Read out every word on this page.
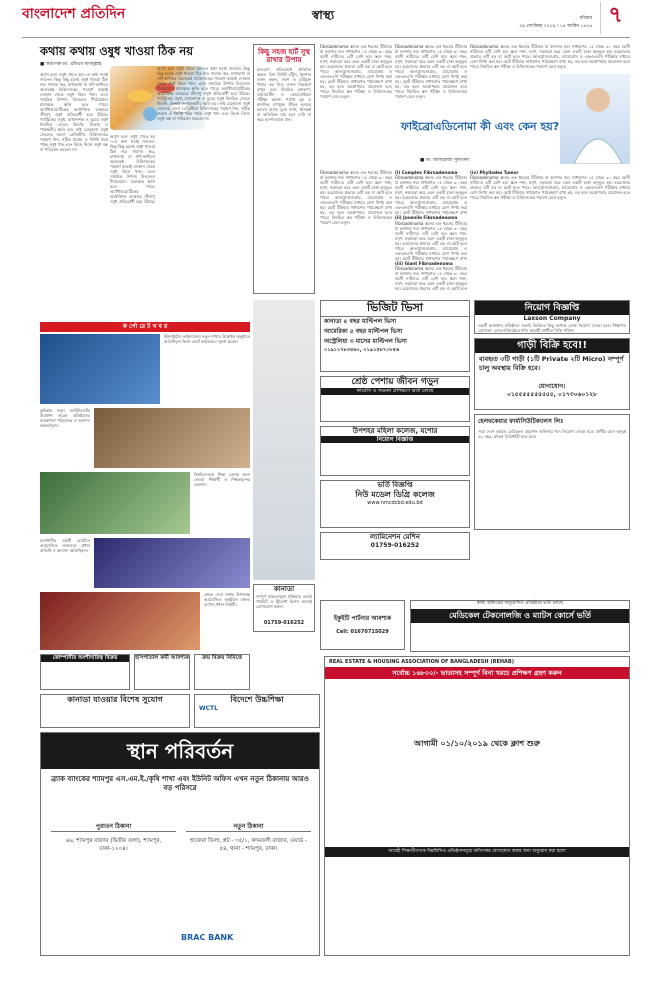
বাংলাদেশ প্রতিদিন	স্বাস্থ্য	রবিবার
২৯ সেপ্টেম্বর ২০১৯ । ১৪ আশ্বিন ১৪২৬ ৭
কথায় কথায় ওষুধ খাওয়া ঠিক নয়
■ অধ্যাপক ডা. এবিএম আবদুল্লাহ
অসুখ হলে ওষুধ খেতে হয়—এ কথা সবাই জানেন। কিন্তু কিছু হলেই ওষুধ খাওয়া ঠিক নয়। সামান্য জ্বর, মাথাব্যথা বা সর্দি-কাশিতে অনেকেই চিকিৎসকের পরামর্শ ছাড়াই দোকান থেকে ওষুধ কিনে খান। এতে সাময়িক উপশম মিললেও দীর্ঘমেয়াদে মারাত্মক ক্ষতি হতে পারে। অ্যান্টিবায়োটিকের অযৌক্তিক ব্যবহারে জীবাণু ওষুধ প্রতিরোধী হয়ে উঠছে। গ্যাস্ট্রিকের ওষুধ, ব্যথানাশক ও ঘুমের ওষুধ নিয়মিত সেবনে কিডনি, লিভার ও পাকস্থলীর ক্ষতি হয়। তাই যেকোনো ওষুধ সেবনের আগে রেজিস্টার্ড চিকিৎসকের পরামর্শ নিন, সঠিক মাত্রায় ও নির্দিষ্ট সময় পর্যন্ত ওষুধ খান এবং নিজে নিজে ওষুধ বন্ধ বা পরিবর্তন করবেন না।
অসুখ হলে ওষুধ খেতে হয়—এ কথা সবাই জানেন। কিন্তু কিছু হলেই ওষুধ খাওয়া ঠিক নয়। সামান্য জ্বর, মাথাব্যথা বা সর্দি-কাশিতে অনেকেই চিকিৎসকের পরামর্শ ছাড়াই দোকান থেকে ওষুধ কিনে খান। এতে সাময়িক উপশম মিললেও দীর্ঘমেয়াদে মারাত্মক ক্ষতি হতে পারে। অ্যান্টিবায়োটিকের অযৌক্তিক ব্যবহারে জীবাণু ওষুধ প্রতিরোধী হয়ে উঠছে।
অসুখ হলে ওষুধ খেতে হয়—এ কথা সবাই জানেন। কিন্তু কিছু হলেই ওষুধ খাওয়া ঠিক নয়। সামান্য জ্বর, মাথাব্যথা বা সর্দি-কাশিতে অনেকেই চিকিৎসকের পরামর্শ ছাড়াই দোকান থেকে ওষুধ কিনে খান। এতে সাময়িক উপশম মিললেও দীর্ঘমেয়াদে মারাত্মক ক্ষতি হতে পারে। অ্যান্টিবায়োটিকের অযৌক্তিক ব্যবহারে জীবাণু ওষুধ প্রতিরোধী হয়ে উঠছে। গ্যাস্ট্রিকের ওষুধ, ব্যথানাশক ও ঘুমের ওষুধ নিয়মিত সেবনে কিডনি, লিভার ও পাকস্থলীর ক্ষতি হয়। তাই যেকোনো ওষুধ সেবনের আগে রেজিস্টার্ড চিকিৎসকের পরামর্শ নিন, সঠিক মাত্রায় ও নির্দিষ্ট সময় পর্যন্ত ওষুধ খান এবং নিজে নিজে ওষুধ বন্ধ বা পরিবর্তন করবেন না।
কিছু সহজ হার্ট সুস্থ রাখার উপায়
হৃদরোগ প্রতিরোধে প্রতিদিন অন্তত ত্রিশ মিনিট হাঁটুন, ধূমপান বর্জন করুন, লবণ ও চর্বিযুক্ত খাবার কম খান, ওজন নিয়ন্ত্রণে রাখুন এবং নিয়মিত রক্তচাপ, ডায়াবেটিস ও কোলেস্টেরল পরীক্ষা করান। পর্যাপ্ত ঘুম ও মানসিক চাপমুক্ত জীবন হৃদযন্ত্র ভালো রাখে। বুকে ব্যথা, শ্বাসকষ্ট বা অতিরিক্ত ঘাম হলে দেরি না করে হাসপাতালে যান।
Fibroadenoma স্তনের এক ধরনের টিউমার যা ক্যান্সার নয়। সাধারণত ১৫ থেকে ৩০ বছর বয়সী নারীদের এটি বেশি হয়। স্তনে শক্ত, মসৃণ, নড়াচড়া করে এমন একটি চাকা অনুভূত হয়। হরমোনের প্রভাবে এটি বড় বা ছোট হতে পারে। আলট্রাসনোগ্রাম, ম্যামোগ্রাম ও এফএনএসি পরীক্ষার মাধ্যমে রোগ নির্ণয় করা হয়। ছোট টিউমার সাধারণত পর্যবেক্ষণে রাখা হয়, বড় হলে অস্ত্রোপচার প্রয়োজন হতে পারে। নিয়মিত স্তন পরীক্ষা ও চিকিৎসকের পরামর্শ মেনে চলুন।
Fibroadenoma স্তনের এক ধরনের টিউমার যা ক্যান্সার নয়। সাধারণত ১৫ থেকে ৩০ বছর বয়সী নারীদের এটি বেশি হয়। স্তনে শক্ত, মসৃণ, নড়াচড়া করে এমন একটি চাকা অনুভূত হয়। হরমোনের প্রভাবে এটি বড় বা ছোট হতে পারে। আলট্রাসনোগ্রাম, ম্যামোগ্রাম ও এফএনএসি পরীক্ষার মাধ্যমে রোগ নির্ণয় করা হয়। ছোট টিউমার সাধারণত পর্যবেক্ষণে রাখা হয়, বড় হলে অস্ত্রোপচার প্রয়োজন হতে পারে। নিয়মিত স্তন পরীক্ষা ও চিকিৎসকের পরামর্শ মেনে চলুন।
Fibroadenoma স্তনের এক ধরনের টিউমার যা ক্যান্সার নয়। সাধারণত ১৫ থেকে ৩০ বছর বয়সী নারীদের এটি বেশি হয়। স্তনে শক্ত, মসৃণ, নড়াচড়া করে এমন একটি চাকা অনুভূত হয়। হরমোনের প্রভাবে এটি বড় বা ছোট হতে পারে। আলট্রাসনোগ্রাম, ম্যামোগ্রাম ও এফএনএসি পরীক্ষার মাধ্যমে রোগ নির্ণয় করা হয়। ছোট টিউমার সাধারণত পর্যবেক্ষণে রাখা হয়, বড় হলে অস্ত্রোপচার প্রয়োজন হতে পারে। নিয়মিত স্তন পরীক্ষা ও চিকিৎসকের পরামর্শ মেনে চলুন।
ফাইব্রোএডিনোমা কী এবং কেন হয়?
■ ডা. আফরোজা সুলতানা
Fibroadenoma স্তনের এক ধরনের টিউমার যা ক্যান্সার নয়। সাধারণত ১৫ থেকে ৩০ বছর বয়সী নারীদের এটি বেশি হয়। স্তনে শক্ত, মসৃণ, নড়াচড়া করে এমন একটি চাকা অনুভূত হয়। হরমোনের প্রভাবে এটি বড় বা ছোট হতে পারে। আলট্রাসনোগ্রাম, ম্যামোগ্রাম ও এফএনএসি পরীক্ষার মাধ্যমে রোগ নির্ণয় করা হয়। ছোট টিউমার সাধারণত পর্যবেক্ষণে রাখা হয়, বড় হলে অস্ত্রোপচার প্রয়োজন হতে পারে। নিয়মিত স্তন পরীক্ষা ও চিকিৎসকের পরামর্শ মেনে চলুন।
(i) Complex Fibroadenoma
Fibroadenoma স্তনের এক ধরনের টিউমার যা ক্যান্সার নয়। সাধারণত ১৫ থেকে ৩০ বছর বয়সী নারীদের এটি বেশি হয়। স্তনে শক্ত, মসৃণ, নড়াচড়া করে এমন একটি চাকা অনুভূত হয়। হরমোনের প্রভাবে এটি বড় বা ছোট হতে পারে। আলট্রাসনোগ্রাম, ম্যামোগ্রাম ও এফএনএসি পরীক্ষার মাধ্যমে রোগ নির্ণয় করা হয়। ছোট টিউমার সাধারণত পর্যবেক্ষণে রাখা
(ii) Juvenile Fibroadenoma
Fibroadenoma স্তনের এক ধরনের টিউমার যা ক্যান্সার নয়। সাধারণত ১৫ থেকে ৩০ বছর বয়সী নারীদের এটি বেশি হয়। স্তনে শক্ত, মসৃণ, নড়াচড়া করে এমন একটি চাকা অনুভূত হয়। হরমোনের প্রভাবে এটি বড় বা ছোট হতে পারে। আলট্রাসনোগ্রাম, ম্যামোগ্রাম ও এফএনএসি পরীক্ষার মাধ্যমে রোগ নির্ণয় করা হয়। ছোট টিউমার সাধারণত পর্যবেক্ষণে রাখা
(iii) Giant Fibroadenoma
Fibroadenoma স্তনের এক ধরনের টিউমার যা ক্যান্সার নয়। সাধারণত ১৫ থেকে ৩০ বছর বয়সী নারীদের এটি বেশি হয়। স্তনে শক্ত, মসৃণ, নড়াচড়া করে এমন একটি চাকা অনুভূত হয়। হরমোনের প্রভাবে এটি বড় বা ছোট হতে
(iv) Phyllodes Tumor
Fibroadenoma স্তনের এক ধরনের টিউমার যা ক্যান্সার নয়। সাধারণত ১৫ থেকে ৩০ বছর বয়সী নারীদের এটি বেশি হয়। স্তনে শক্ত, মসৃণ, নড়াচড়া করে এমন একটি চাকা অনুভূত হয়। হরমোনের প্রভাবে এটি বড় বা ছোট হতে পারে। আলট্রাসনোগ্রাম, ম্যামোগ্রাম ও এফএনএসি পরীক্ষার মাধ্যমে রোগ নির্ণয় করা হয়। ছোট টিউমার সাধারণত পর্যবেক্ষণে রাখা হয়, বড় হলে অস্ত্রোপচার প্রয়োজন হতে পারে। নিয়মিত স্তন পরীক্ষা ও চিকিৎসকের পরামর্শ মেনে চলুন।
ক র্পো রে ট খ ব র
ইউনাইটেড ফাইন্যান্সের নতুন শাখার উদ্বোধন অনুষ্ঠানে অতিথিবৃন্দ ফিতা কেটে কার্যক্রমের সূচনা করেন।
কুমিল্লায় নতুন আউটলেটের উদ্বোধন করেন প্রতিষ্ঠানের ব্যবস্থাপনা পরিচালক ও অন্যান্য কর্মকর্তাবৃন্দ।
বিশ্ববিদ্যালয়ে শিক্ষা মেলায় অংশ নেওয়া শিক্ষার্থী ও শিক্ষকবৃন্দের একাংশ।
রাজধানীর একটি হোটেলে আয়োজিত সম্মেলনে প্রধান অতিথি ও অন্যান্য অতিথিবৃন্দ।
গ্রাহক সেবা সপ্তাহ উপলক্ষে আয়োজিত অনুষ্ঠানে বক্তব্য রাখেন প্রধান নির্বাহী।
ভিজিট ভিসা
কানাডা ৫ বছর মাল্টিপল ভিসা
আমেরিকা ৫ বছর মাল্টিপল ভিসা
অস্ট্রেলিয়া ৩ মাসের মাল্টিপল ভিসা
০১৯১১৭৮৩৪৬০, ০১৯১৫৮৭০৮৫৬
নিয়োগ বিজ্ঞপ্তি
Laxson Company
একটি স্বনামধন্য প্রতিষ্ঠানে জরুরি ভিত্তিতে কিছু সংখ্যক লোক নিয়োগ দেওয়া হবে। শিক্ষাগত যোগ্যতা: এসএসসি/এইচএসসি। আগ্রহী প্রার্থীরা সিভি পাঠান।
গাড়ী বিক্রি হবে!!
ব্যবহৃত ৩টি গাড়ী (১টি Private ২টি Micro) সম্পূর্ণ চালু অবস্থায় বিক্রি হবে।
যোগাযোগ:
০১৫৫৫৫৫৫৫৫৫৫, ০১৭৩০৬০১২৮
শ্রেষ্ঠ পেশায় জীবন গড়ুন
ফার্মেসি ও সমমনা প্রশিক্ষণে ভর্তি চলছে
উপশহর মহিলা কলেজ, যশোর
নিয়োগ বিজ্ঞপ্তি
হেলথকেয়ার ফার্মাসিউটিক্যালস লিঃ
সারা দেশে কর্মরত মেডিকেল প্রমোশন অফিসার পদে নিয়োগ দেওয়া হবে। প্রার্থীর বয়স অনূর্ধ্ব ৩২ বছর, স্নাতক ডিগ্রিধারী হতে হবে।
ভর্তি বিজ্ঞপ্তি
নিউ মডেল ডিগ্রি কলেজ
www.nmcdcbd.edu.bd
কানাডা
সম্পূর্ণ ঝামেলামুক্ত প্রক্রিয়ায় ওয়ার্ক পারমিট ও স্টুডেন্ট ভিসা। আজই যোগাযোগ করুন।
01759-016252
ল্যামিনেশন মেশিন
01759-016252
ইকুইটি পার্টনার আবশ্যক
Cell: 01670715029
স্বাস্থ্য অধিদপ্তর অনুমোদিত প্রতিষ্ঠানে ভর্তি চলছে
মেডিকেল টেকনোলজি ও ম্যাটস কোর্সে ভর্তি
কোম্পানীর অংশীদারিত্ব বিক্রয়	হাসপাতাল কর্মী আবশ্যক	ক্রয় বিক্রয় নিমিত্তে
কানাডা যাওয়ার বিশেষ সুযোগ	বিদেশে উচ্চশিক্ষা
WCTL
REAL ESTATE & HOUSING ASSOCIATION OF BANGLADESH (REHAB)
সর্বোচ্চ ১৬৮০০/- ভাতাসহ সম্পূর্ণ বিনা খরচে প্রশিক্ষণ গ্রহণ করুন
আগামী ০১/১০/২০১৯ থেকে ক্লাশ শুরু
আগ্রহী শিক্ষার্থীগণকে নিম্নলিখিত প্রতিষ্ঠানসমূহে অতিসত্তর যোগাযোগ করার জন্য অনুরোধ করা হলো
স্থান পরিবর্তন
ব্র্যাক ব্যাংকের শ্যামপুর এস.এম.ই./কৃষি শাখা এবং ইউনিট অফিস এখন নতুন ঠিকানায় আরও বড় পরিসরে
পুরাতন ঠিকানা	নতুন ঠিকানা
৬৬, শ্যামপুর বাজার (দ্বিতীয় তলা), শ্যামপুর, ঢাকা-১২০৪।
হাজেরা ভিলা, প্লট - ৩৫/১, কদমতলী বাজার, ওয়ার্ড - ৫৪, থানা - শ্যামপুর, ঢাকা।
BRAC BANK
